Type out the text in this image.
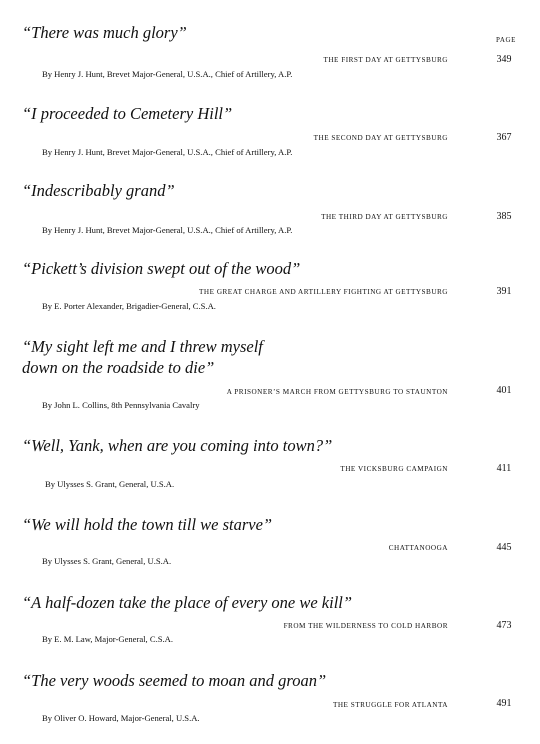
PAGE
“There was much glory”
THE FIRST DAY AT GETTYSBURG	349
By Henry J. Hunt, Brevet Major-General, U.S.A., Chief of Artillery, A.P.
“I proceeded to Cemetery Hill”
THE SECOND DAY AT GETTYSBURG	367
By Henry J. Hunt, Brevet Major-General, U.S.A., Chief of Artillery, A.P.
“Indescribably grand”
THE THIRD DAY AT GETTYSBURG	385
By Henry J. Hunt, Brevet Major-General, U.S.A., Chief of Artillery, A.P.
“Pickett’s division swept out of the wood”
THE GREAT CHARGE AND ARTILLERY FIGHTING AT GETTYSBURG	391
By E. Porter Alexander, Brigadier-General, C.S.A.
“My sight left me and I threw myself
down on the roadside to die”
A PRISONER’S MARCH FROM GETTYSBURG TO STAUNTON	401
By John L. Collins, 8th Pennsylvania Cavalry
“Well, Yank, when are you coming into town?”
THE VICKSBURG CAMPAIGN	411
By Ulysses S. Grant, General, U.S.A.
“We will hold the town till we starve”
CHATTANOOGA	445
By Ulysses S. Grant, General, U.S.A.
“A half-dozen take the place of every one we kill”
FROM THE WILDERNESS TO COLD HARBOR	473
By E. M. Law, Major-General, C.S.A.
“The very woods seemed to moan and groan”
THE STRUGGLE FOR ATLANTA	491
By Oliver O. Howard, Major-General, U.S.A.
